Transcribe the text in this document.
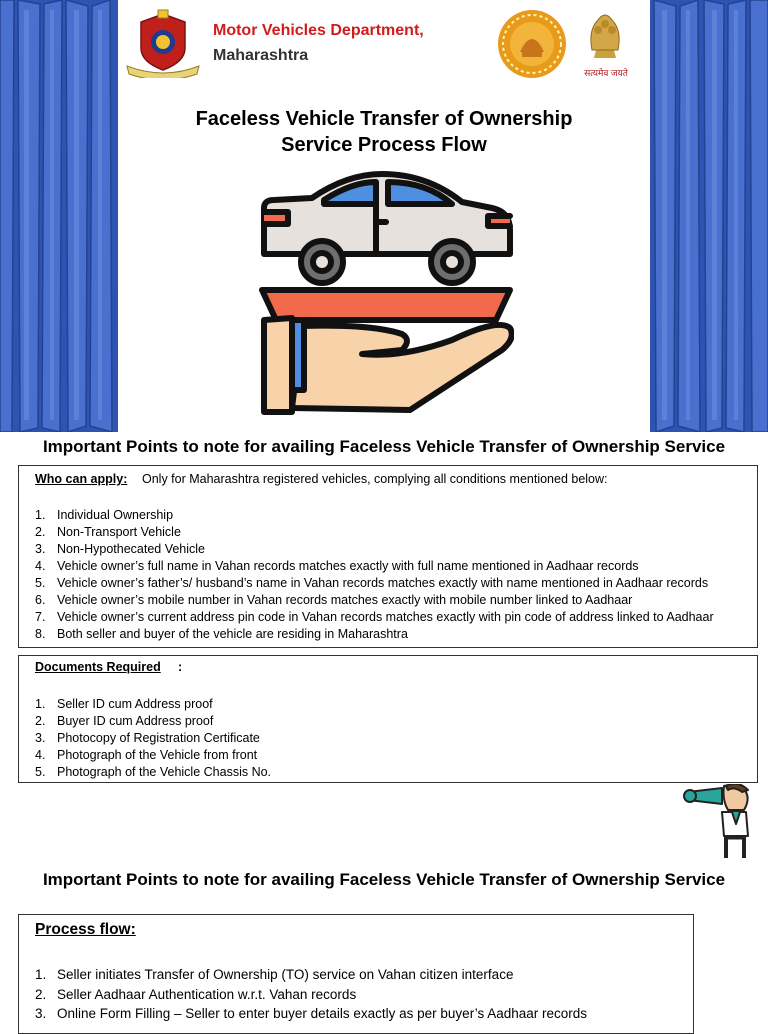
Motor Vehicles Department,
Maharashtra
सत्यमेव जयते
Faceless Vehicle Transfer of Ownership
Service Process Flow
Important Points to note for availing Faceless Vehicle Transfer of Ownership Service
Who can apply: Only for Maharashtra registered vehicles, complying all conditions mentioned below:
1. Individual Ownership
2. Non-Transport Vehicle
3. Non-Hypothecated Vehicle
4. Vehicle owner’s full name in Vahan records matches exactly with full name mentioned in Aadhaar records
5. Vehicle owner’s father’s/ husband’s name in Vahan records matches exactly with name mentioned in Aadhaar records
6. Vehicle owner’s mobile number in Vahan records matches exactly with mobile number linked to Aadhaar
7. Vehicle owner’s current address pin code in Vahan records matches exactly with pin code of address linked to Aadhaar
8. Both seller and buyer of the vehicle are residing in Maharashtra
Documents Required :
1. Seller ID cum Address proof
2. Buyer ID cum Address proof
3. Photocopy of Registration Certificate
4. Photograph of the Vehicle from front
5. Photograph of the Vehicle Chassis No.
Important Points to note for availing Faceless Vehicle Transfer of Ownership Service
Process flow:
1. Seller initiates Transfer of Ownership (TO) service on Vahan citizen interface
2. Seller Aadhaar Authentication w.r.t. Vahan records
3. Online Form Filling – Seller to enter buyer details exactly as per buyer’s Aadhaar records
